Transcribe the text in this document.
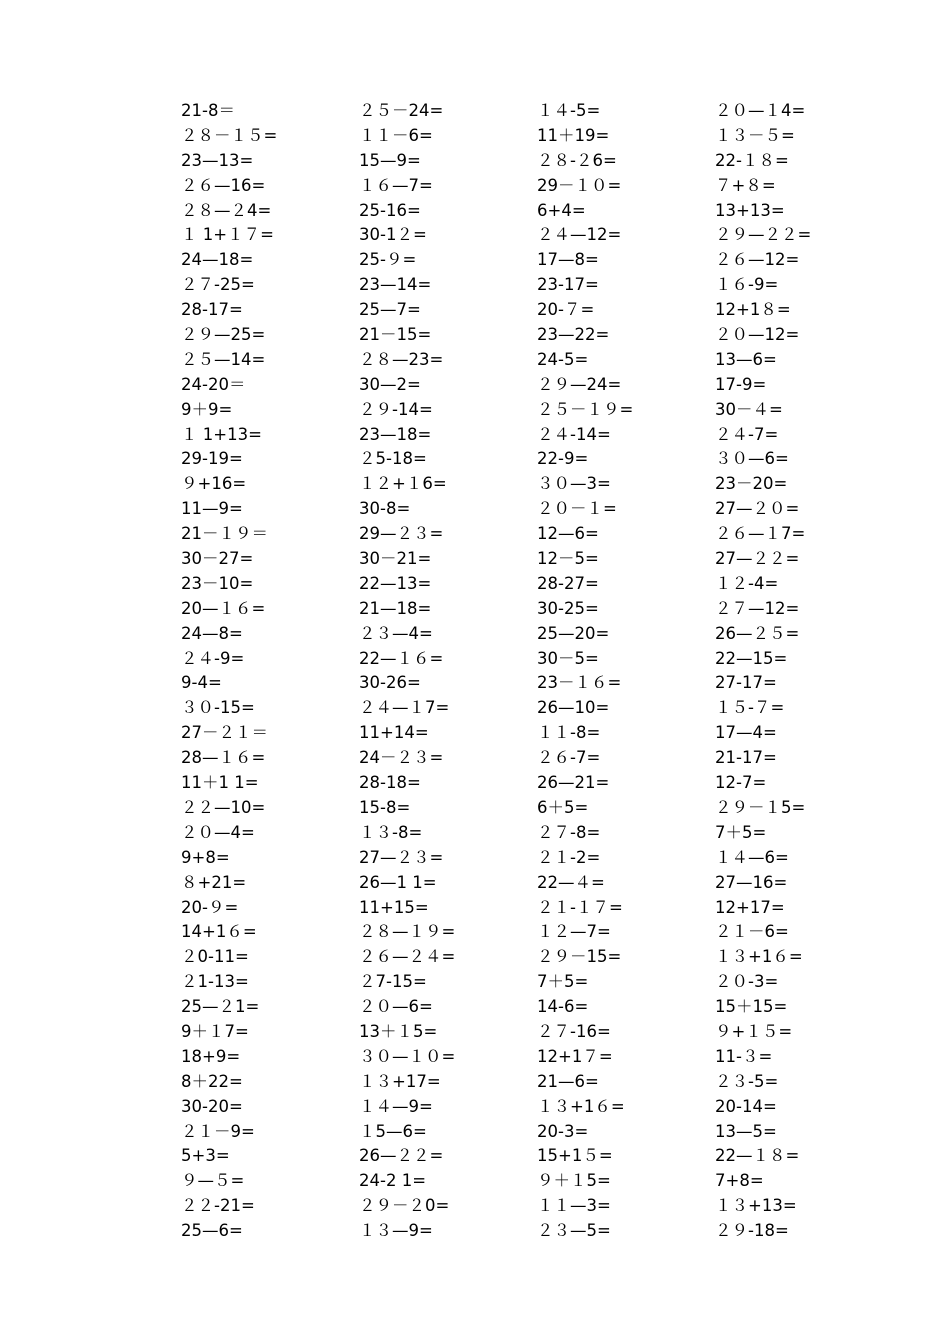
21-8＝
２８－１５=
23—13=
２６—16=
２８—２4=
１ 1+１７=
24—18=
２７-25=
28-17=
２９—25=
２５—14=
24-20＝
9＋9=
１ 1+13=
29-19=
９+16=
11—9=
21－１９＝
30－27=
23－10=
20—１６=
24—8=
２４-9=
9-4=
３０-15=
27－２１＝
28—１６=
11＋1 1=
２２—10=
２０—4=
9+8=
８+21=
20-９=
14+1６=
２0-11=
２1-13=
25—２1=
9＋１7=
18+9=
8＋22=
30-20=
２１－9=
5+3=
９—５=
２２-21=
25—6=
２５－24=
１１－6=
15—9=
１６—7=
25-16=
30-1２=
25-９=
23—14=
25—7=
21－15=
２８—23=
30—2=
２９-14=
23—18=
２5-18=
１２+１6=
30-8=
29—２３=
30－21=
22—13=
21—18=
２３—4=
22—１６=
30-26=
２４—１7=
11+14=
24－２３=
28-18=
15-8=
１３-8=
27—２３=
26—1 1=
11+15=
２８—１９=
２６—２４=
２7-15=
２０—6=
13＋１5=
３０—１０=
１３+17=
１４—9=
１5—6=
26—２２=
24-2 1=
２９－２0=
１３—9=
１４-5=
11＋19=
２８-２6=
29－１０=
6+4=
２４—12=
17—8=
23-17=
20-７=
23—22=
24-5=
２９—24=
２５－１９=
２４-14=
22-9=
３０—3=
２０－１=
12—6=
12－5=
28-27=
30-25=
25—20=
30－5=
23－１６=
26—10=
１１-8=
２６-7=
26—21=
6＋5=
２７-8=
２１-2=
22—４=
２１-１７=
１２—7=
２９－15=
7＋5=
14-6=
２７-16=
12+1７=
21—6=
１３+1６=
20-3=
15+1５=
９＋１5=
１１—3=
２３—5=
２０—１4=
１３－５=
22-１８=
７+８=
13+13=
２９—２２=
２６—12=
１６-9=
12+1８=
２０—12=
13—6=
17-9=
30－４=
２４-7=
３０—6=
23－20=
27—２０=
２６—１7=
27—２２=
１２-4=
２７—12=
26—２５=
22—15=
27-17=
１５-７=
17—4=
21-17=
12-7=
２９－１5=
7＋5=
１４—6=
27—16=
12+17=
２１－6=
１３+1６=
２０-3=
15＋15=
９+１５=
11-３=
２３-5=
20-14=
13—5=
22—１８=
7+8=
１３+13=
２９-18=
